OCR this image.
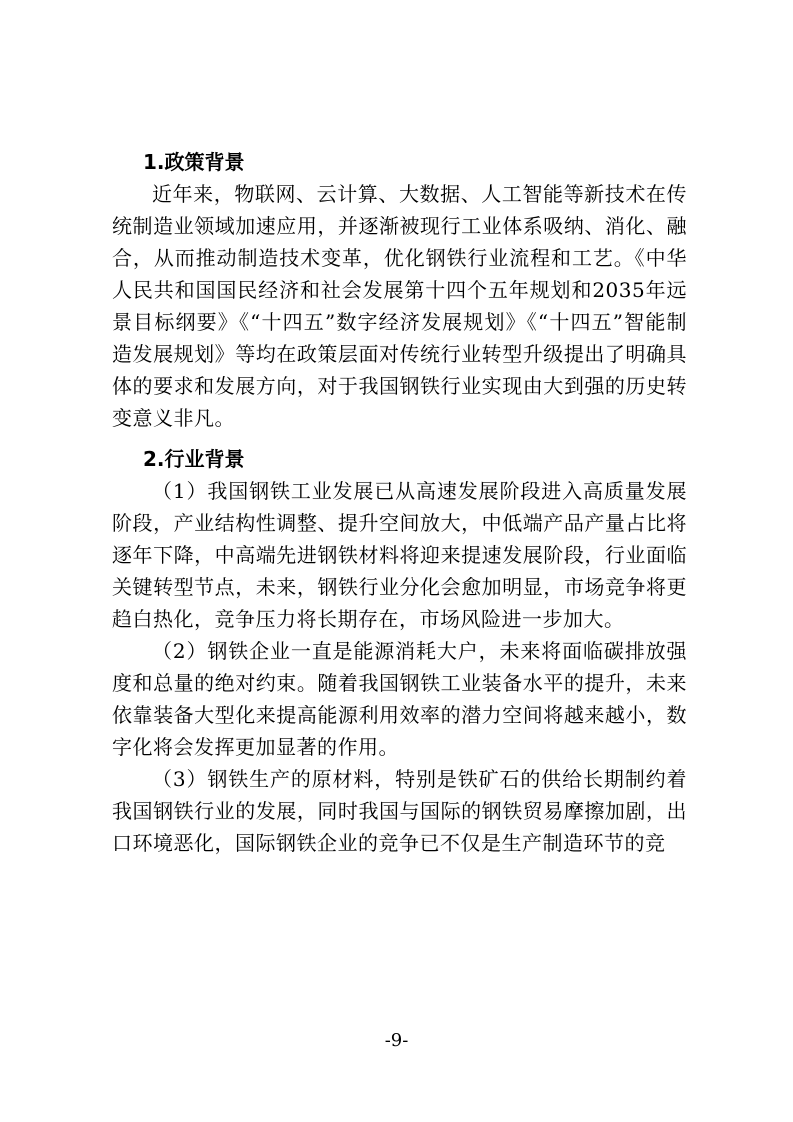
1.政策背景

近年来，物联网、云计算、大数据、人工智能等新技术在传统制造业领域加速应用，并逐渐被现行工业体系吸纳、消化、融合，从而推动制造技术变革，优化钢铁行业流程和工艺。《中华人民共和国国民经济和社会发展第十四个五年规划和2035年远景目标纲要》《“十四五”数字经济发展规划》《“十四五”智能制造发展规划》等均在政策层面对传统行业转型升级提出了明确具体的要求和发展方向，对于我国钢铁行业实现由大到强的历史转变意义非凡。

2.行业背景

（1）我国钢铁工业发展已从高速发展阶段进入高质量发展阶段，产业结构性调整、提升空间放大，中低端产品产量占比将逐年下降，中高端先进钢铁材料将迎来提速发展阶段，行业面临关键转型节点，未来，钢铁行业分化会愈加明显，市场竞争将更趋白热化，竞争压力将长期存在，市场风险进一步加大。

（2）钢铁企业一直是能源消耗大户，未来将面临碳排放强度和总量的绝对约束。随着我国钢铁工业装备水平的提升，未来依靠装备大型化来提高能源利用效率的潜力空间将越来越小，数字化将会发挥更加显著的作用。

（3）钢铁生产的原材料，特别是铁矿石的供给长期制约着我国钢铁行业的发展，同时我国与国际的钢铁贸易摩擦加剧，出口环境恶化，国际钢铁企业的竞争已不仅是生产制造环节的竞

-9-
